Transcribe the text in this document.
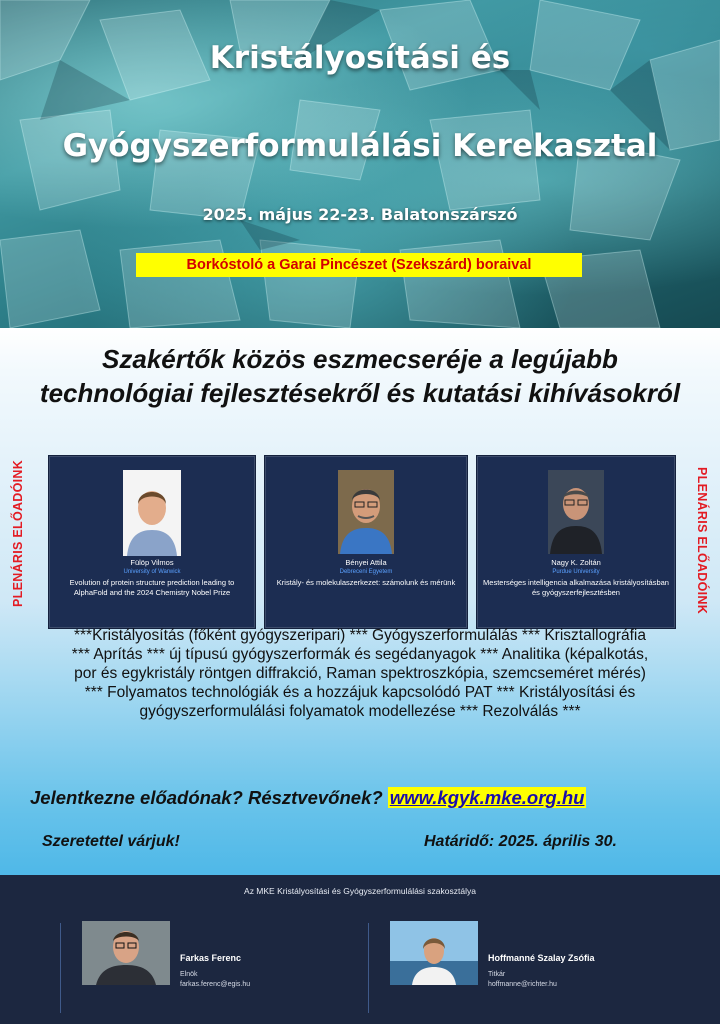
Kristályosítási és
Gyógyszerformulálási Kerekasztal
2025. május 22-23. Balatonszárszó
Borkóstoló a Garai Pincészet (Szekszárd) boraival
Szakértők közös eszmecseréje a legújabb
technológiai fejlesztésekről és kutatási kihívásokról
PLENÁRIS ELŐADÓINK	PLENÁRIS ELŐADÓINK
Fülöp Vilmos
University of Warwick
Evolution of protein structure prediction leading to AlphaFold and the 2024 Chemistry Nobel Prize
Bényei Attila
Debreceni Egyetem
Kristály- és molekulaszerkezet: számolunk és mérünk
Nagy K. Zoltán
Purdue University
Mesterséges intelligencia alkalmazása kristályosításban és gyógyszerfejlesztésben

***Kristályosítás (főként gyógyszeripari) *** Gyógyszerformulálás *** Krisztallográfia
*** Aprítás *** új típusú gyógyszerformák és segédanyagok *** Analitika (képalkotás,
por és egykristály röntgen diffrakció, Raman spektroszkópia, szemcseméret mérés)
*** Folyamatos technológiák és a hozzájuk kapcsolódó PAT *** Kristályosítási és
gyógyszerformulálási folyamatok modellezése *** Rezolválás ***

Jelentkezne előadónak? Résztvevőnek? www.kgyk.mke.org.hu
Szeretettel várjuk!	Határidő: 2025. április 30.
Az MKE Kristályosítási és Gyógyszerformulálási szakosztálya
Farkas Ferenc
Elnök
farkas.ferenc@egis.hu
Hoffmanné Szalay Zsófia
Titkár
hoffmanne@richter.hu
